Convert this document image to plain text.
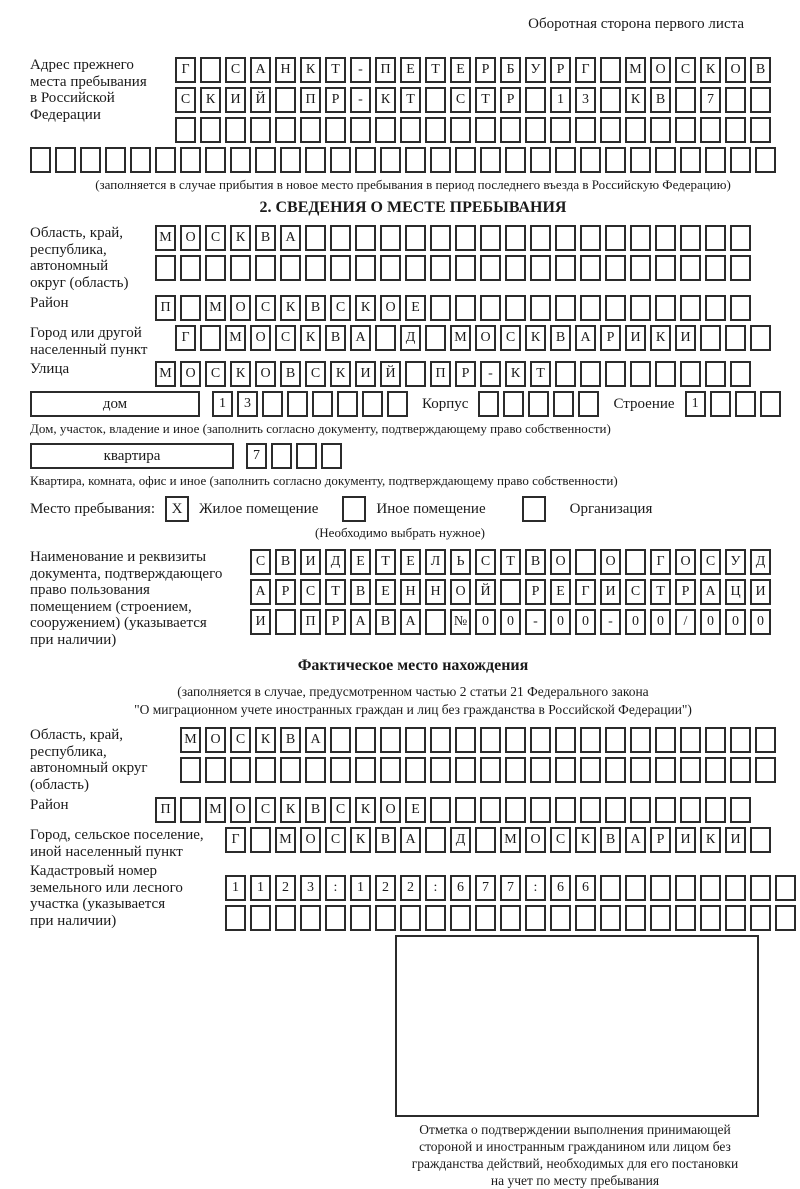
Оборотная сторона первого листа
Адрес прежнего
места пребывания
в Российской
Федерации
Г	С А Н К Т - П Е Т Е Р Б У Р Г	М О С К О В
С К И Й	П Р - К Т	С Т Р	1 3	К В	7
(заполняется в случае прибытия в новое место пребывания в период последнего въезда в Российскую Федерацию)
2. СВЕДЕНИЯ О МЕСТЕ ПРЕБЫВАНИЯ
Область, край,
республика,
автономный
округ (область)
М О С К В А
Район	П	М О С К В С К О Е
Город или другой
населенный пункт
Г	М О С К В А	Д	М О С К В А Р И К И
Улица	М О С К О В С К И Й	П Р - К Т
дом	1 3	Корпус	Строение 1
Дом, участок, владение и иное (заполнить согласно документу, подтверждающему право собственности)
квартира	7
Квартира, комната, офис и иное (заполнить согласно документу, подтверждающему право собственности)
Место пребывания:	X	Жилое помещение	Иное помещение	Организация
(Необходимо выбрать нужное)
Наименование и реквизиты
документа, подтверждающего
право пользования
помещением (строением,
сооружением) (указывается
при наличии)
С В И Д Е Т Е Л Ь С Т В О	О	Г О С У Д
А Р С Т В Е Н Н О Й	Р Е Г И С Т Р А Ц И
И	П Р А В А	№ 0 0 - 0 0 - 0 0 / 0 0 0
Фактическое место нахождения
(заполняется в случае, предусмотренном частью 2 статьи 21 Федерального закона
"О миграционном учете иностранных граждан и лиц без гражданства в Российской Федерации")
Область, край,
республика,
автономный округ
(область)
М О С К В А
Район	П	М О С К В С К О Е
Город, сельское поселение,
иной населенный пункт
Г	М О С К В А	Д	М О С К В А Р И К И
Кадастровый номер
земельного или лесного
участка (указывается
при наличии)
1 1 2 3 : 1 2 2 : 6 7 7 : 6 6
Отметка о подтверждении выполнения принимающей
стороной и иностранным гражданином или лицом без
гражданства действий, необходимых для его постановки
на учет по месту пребывания
